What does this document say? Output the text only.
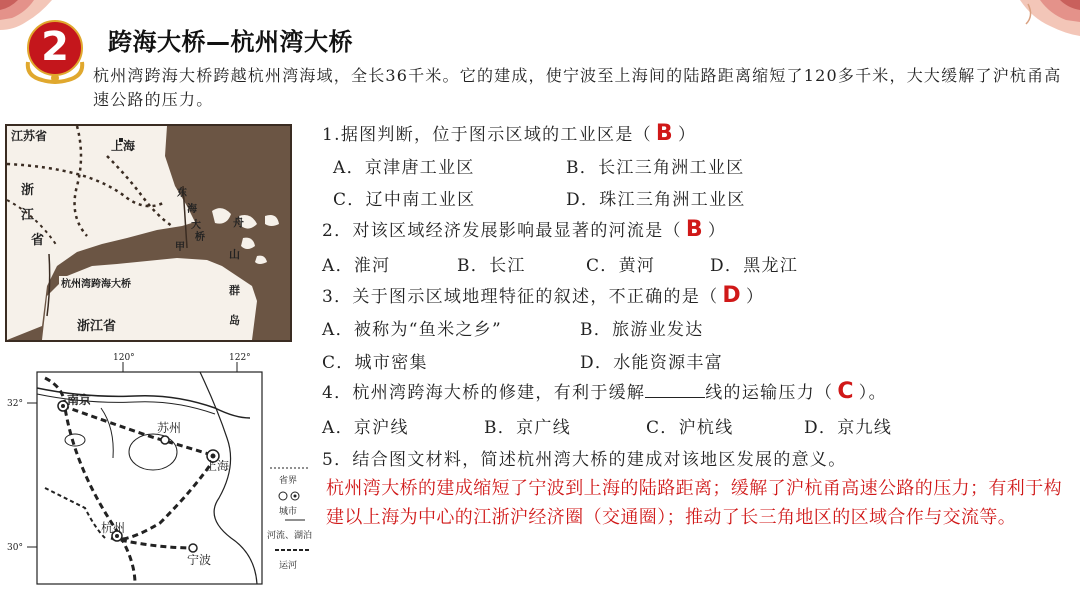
2	跨海大桥—杭州湾大桥
杭州湾跨海大桥跨越杭州湾海域，全长36千米。它的建成，使宁波至上海间的陆路距离缩短了120多千米，大大缓解了沪杭甬高速公路的压力。
上海
江苏省
浙
江
省
东
海
大
桥
甲
舟
山
群
岛
杭州湾跨海大桥
浙江省
120°	122°
32°
30°
南京
苏州
上海
杭州
宁波
省界
城市
河流、湖泊
运河
1.据图判断，位于图示区域的工业区是（ B ）
A．京津唐工业区	B．长江三角洲工业区
C．辽中南工业区	D．珠江三角洲工业区
2．对该区域经济发展影响最显著的河流是（ B ）
A．淮河	B．长江	C．黄河	D．黑龙江
3．关于图示区域地理特征的叙述，不正确的是（ D ）
A．被称为“鱼米之乡”	B．旅游业发达
C．城市密集	D．水能资源丰富
4．杭州湾跨海大桥的修建，有利于缓解	线的运输压力（ C ）。
A．京沪线	B．京广线	C．沪杭线	D．京九线
5．结合图文材料，简述杭州湾大桥的建成对该地区发展的意义。
杭州湾大桥的建成缩短了宁波到上海的陆路距离；缓解了沪杭甬高速公路的压力；有利于构建以上海为中心的江浙沪经济圈（交通圈）；推动了长三角地区的区域合作与交流等。
